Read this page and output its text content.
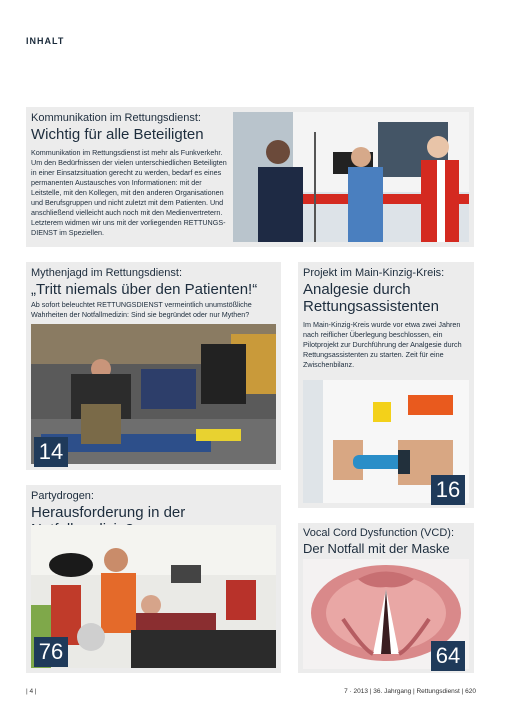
INHALT
Kommunikation im Rettungsdienst:
Wichtig für alle Beteiligten
Kommunikation im Rettungsdienst ist mehr als Funkverkehr. Um den Bedürfnissen der vielen unterschiedlichen Beteiligten in einer Einsatzsituation gerecht zu werden, bedarf es eines permanenten Austausches von Informationen: mit der Leitstelle, mit den Kollegen, mit den anderen Organisationen und Berufsgruppen und nicht zuletzt mit dem Patienten. Und anschließend vielleicht auch noch mit den Medienvertretern. Letzterem widmen wir uns mit der vorliegenden RETTUNGSDIENST im Speziellen.
Mythenjagd im Rettungsdienst:
„Tritt niemals über den Patienten!“
Ab sofort beleuchtet RETTUNGSDIENST vermeintlich unumstößliche Wahrheiten der Notfallmedizin: Sind sie begründet oder nur Mythen?
14
Projekt im Main-Kinzig-Kreis:
Analgesie durch Rettungsassistenten
Im Main-Kinzig-Kreis wurde vor etwa zwei Jahren nach reiflicher Überlegung beschlossen, ein Pilotprojekt zur Durchführung der Analgesie durch Rettungsassistenten zu starten. Zeit für eine Zwischenbilanz.
16
Partydrogen:
Herausforderung in der
76
Vocal Cord Dysfunction (VCD):
Der Notfall mit der Maske
64
| 4 |	7 · 2013 | 36. Jahrgang | Rettungsdienst | 620
